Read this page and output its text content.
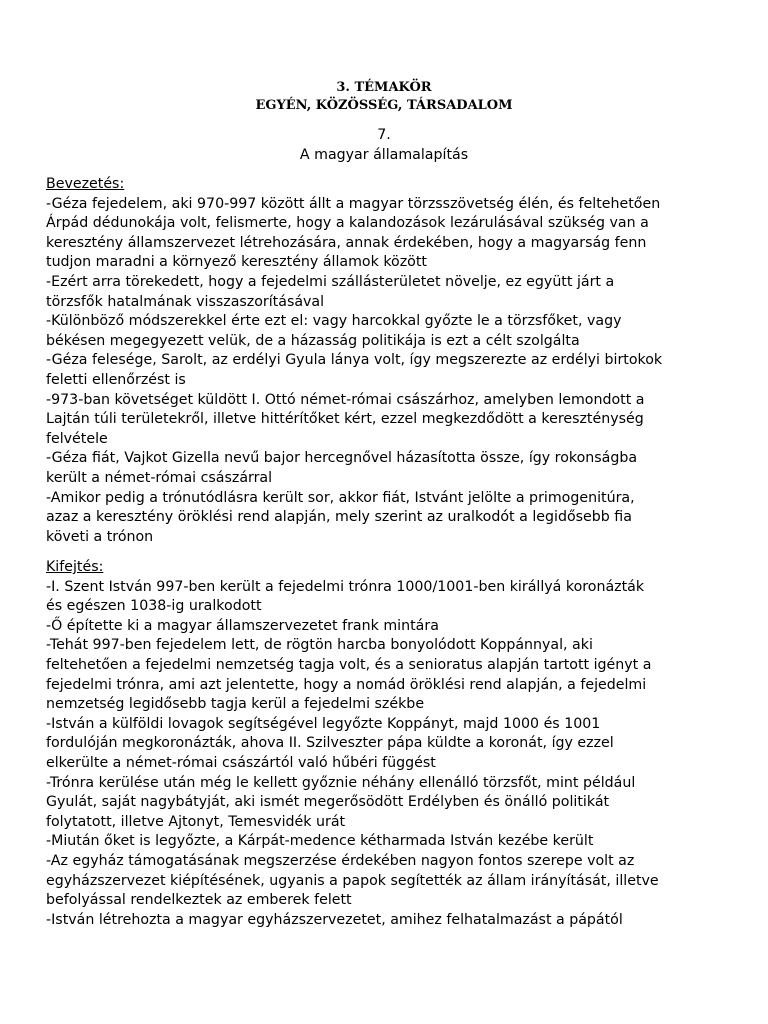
3. TÉMAKÖR
EGYÉN, KÖZÖSSÉG, TÁRSADALOM
7.
A magyar államalapítás
Bevezetés:
-Géza fejedelem, aki 970-997 között állt a magyar törzsszövetség élén, és feltehetően
Árpád dédunokája volt, felismerte, hogy a kalandozások lezárulásával szükség van a
keresztény államszervezet létrehozására, annak érdekében, hogy a magyarság fenn
tudjon maradni a környező keresztény államok között
-Ezért arra törekedett, hogy a fejedelmi szállásterületet növelje, ez együtt járt a
törzsfők hatalmának visszaszorításával
-Különböző módszerekkel érte ezt el: vagy harcokkal győzte le a törzsfőket, vagy
békésen megegyezett velük, de a házasság politikája is ezt a célt szolgálta
-Géza felesége, Sarolt, az erdélyi Gyula lánya volt, így megszerezte az erdélyi birtokok
feletti ellenőrzést is
-973-ban követséget küldött I. Ottó német-római császárhoz, amelyben lemondott a
Lajtán túli területekről, illetve hittérítőket kért, ezzel megkezdődött a kereszténység
felvétele
-Géza fiát, Vajkot Gizella nevű bajor hercegnővel házasította össze, így rokonságba
került a német-római császárral
-Amikor pedig a trónutódlásra került sor, akkor fiát, Istvánt jelölte a primogenitúra,
azaz a keresztény öröklési rend alapján, mely szerint az uralkodót a legidősebb fia
követi a trónon
Kifejtés:
-I. Szent István 997-ben került a fejedelmi trónra 1000/1001-ben királlyá koronázták
és egészen 1038-ig uralkodott
-Ő építette ki a magyar államszervezetet frank mintára
-Tehát 997-ben fejedelem lett, de rögtön harcba bonyolódott Koppánnyal, aki
feltehetően a fejedelmi nemzetség tagja volt, és a senioratus alapján tartott igényt a
fejedelmi trónra, ami azt jelentette, hogy a nomád öröklési rend alapján, a fejedelmi
nemzetség legidősebb tagja kerül a fejedelmi székbe
-István a külföldi lovagok segítségével legyőzte Koppányt, majd 1000 és 1001
fordulóján megkoronázták, ahova II. Szilveszter pápa küldte a koronát, így ezzel
elkerülte a német-római császártól való hűbéri függést
-Trónra kerülése után még le kellett győznie néhány ellenálló törzsfőt, mint például
Gyulát, saját nagybátyját, aki ismét megerősödött Erdélyben és önálló politikát
folytatott, illetve Ajtonyt, Temesvidék urát
-Miután őket is legyőzte, a Kárpát-medence kétharmada István kezébe került
-Az egyház támogatásának megszerzése érdekében nagyon fontos szerepe volt az
egyházszervezet kiépítésének, ugyanis a papok segítették az állam irányítását, illetve
befolyással rendelkeztek az emberek felett
-István létrehozta a magyar egyházszervezetet, amihez felhatalmazást a pápától
